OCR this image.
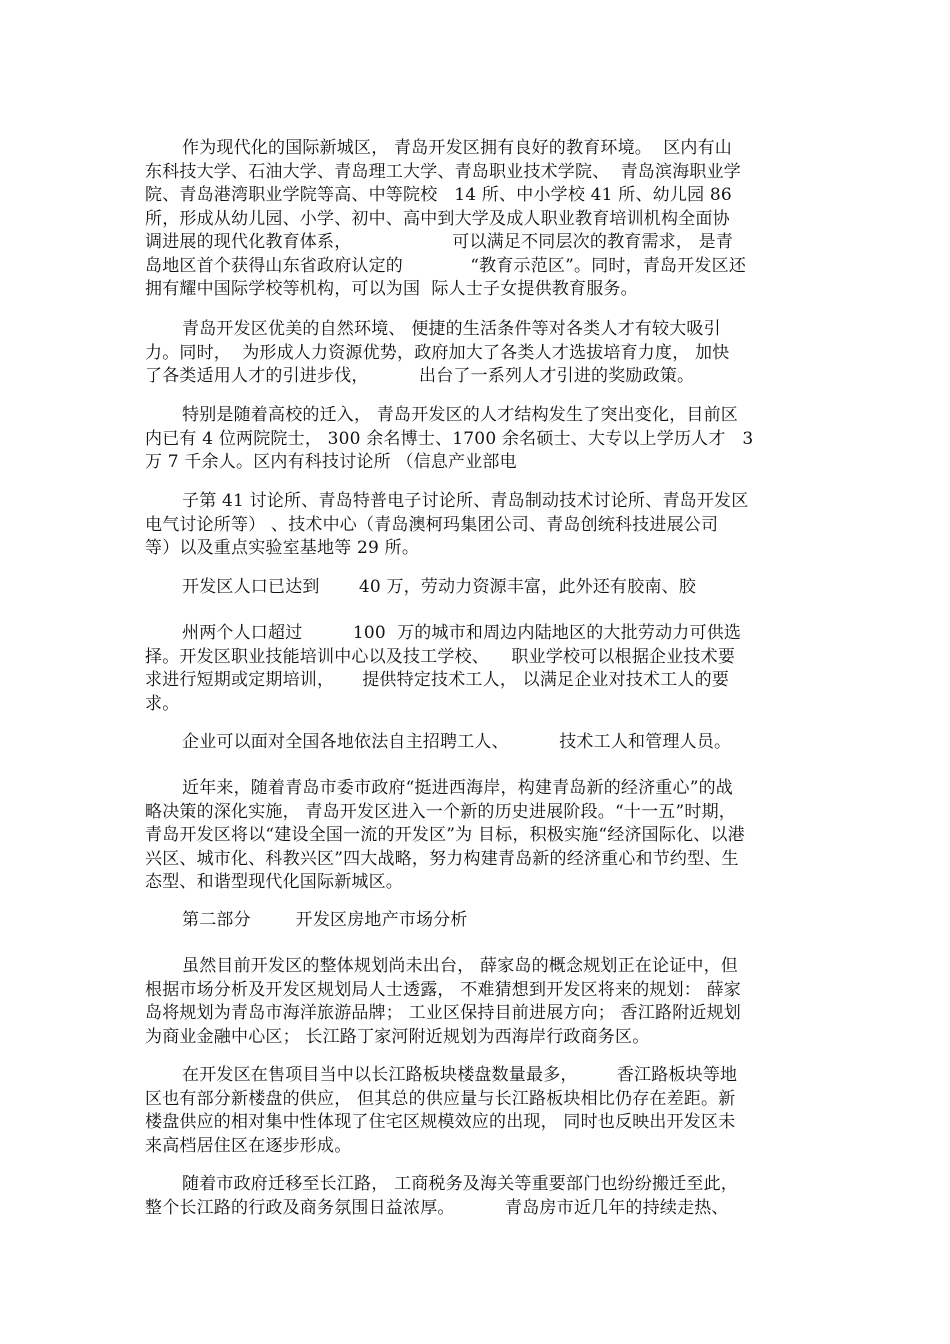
作为现代化的国际新城区， 青岛开发区拥有良好的教育环境。  区内有山
东科技大学、石油大学、青岛理工大学、青岛职业技术学院、  青岛滨海职业学
院、青岛港湾职业学院等高、中等院校   14 所、中小学校 41 所、幼儿园 86
所，形成从幼儿园、小学、初中、高中到大学及成人职业教育培训机构全面协
调进展的现代化教育体系，                  可以满足不同层次的教育需求， 是青
岛地区首个获得山东省政府认定的            “教育示范区”。同时，青岛开发区还
拥有耀中国际学校等机构，可以为国  际人士子女提供教育服务。
青岛开发区优美的自然环境、 便捷的生活条件等对各类人才有较大吸引
力。同时，  为形成人力资源优势，政府加大了各类人才选拔培育力度， 加快
了各类适用人才的引进步伐，         出台了一系列人才引进的奖励政策。
特别是随着高校的迁入， 青岛开发区的人才结构发生了突出变化，目前区
内已有 4 位两院院士， 300 余名博士、1700 余名硕士、大专以上学历人才   3
万 7 千余人。区内有科技讨论所 （信息产业部电
子第 41 讨论所、青岛特普电子讨论所、青岛制动技术讨论所、青岛开发区
电气讨论所等） 、技术中心（青岛澳柯玛集团公司、青岛创统科技进展公司
等）以及重点实验室基地等 29 所。
开发区人口已达到       40 万，劳动力资源丰富，此外还有胶南、胶
州两个人口超过         100  万的城市和周边内陆地区的大批劳动力可供选
择。开发区职业技能培训中心以及技工学校、    职业学校可以根据企业技术要
求进行短期或定期培训，     提供特定技术工人， 以满足企业对技术工人的要
求。
企业可以面对全国各地依法自主招聘工人、         技术工人和管理人员。
近年来，随着青岛市委市政府“挺进西海岸，构建青岛新的经济重心”的战
略决策的深化实施， 青岛开发区进入一个新的历史进展阶段。“十一五”时期，
青岛开发区将以“建设全国一流的开发区”为 目标，积极实施“经济国际化、以港
兴区、城市化、科教兴区”四大战略，努力构建青岛新的经济重心和节约型、生
态型、和谐型现代化国际新城区。
第二部分        开发区房地产市场分析
虽然目前开发区的整体规划尚未出台， 薛家岛的概念规划正在论证中，但
根据市场分析及开发区规划局人士透露， 不难猜想到开发区将来的规划： 薛家
岛将规划为青岛市海洋旅游品牌； 工业区保持目前进展方向； 香江路附近规划
为商业金融中心区； 长江路丁家河附近规划为西海岸行政商务区。
在开发区在售项目当中以长江路板块楼盘数量最多，       香江路板块等地
区也有部分新楼盘的供应， 但其总的供应量与长江路板块相比仍存在差距。新
楼盘供应的相对集中性体现了住宅区规模效应的出现， 同时也反映出开发区未
来高档居住区在逐步形成。
随着市政府迁移至长江路， 工商税务及海关等重要部门也纷纷搬迁至此，
整个长江路的行政及商务氛围日益浓厚。         青岛房市近几年的持续走热、
